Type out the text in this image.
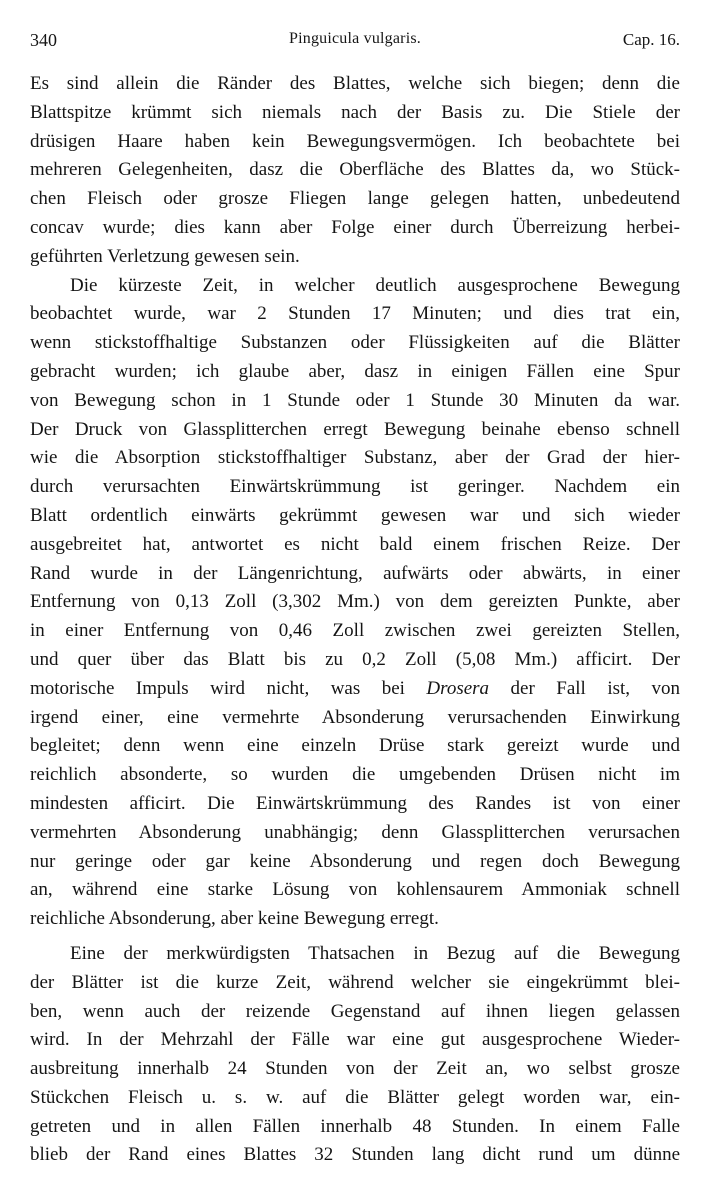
340	Pinguicula vulgaris.	Cap. 16.
Es sind allein die Ränder des Blattes, welche sich biegen; denn die
Blattspitze krümmt sich niemals nach der Basis zu. Die Stiele der
drüsigen Haare haben kein Bewegungsvermögen. Ich beobachtete bei
mehreren Gelegenheiten, dasz die Oberfläche des Blattes da, wo Stück-
chen Fleisch oder grosze Fliegen lange gelegen hatten, unbedeutend
concav wurde; dies kann aber Folge einer durch Überreizung herbei-
geführten Verletzung gewesen sein.
Die kürzeste Zeit, in welcher deutlich ausgesprochene Bewegung
beobachtet wurde, war 2 Stunden 17 Minuten; und dies trat ein,
wenn stickstoffhaltige Substanzen oder Flüssigkeiten auf die Blätter
gebracht wurden; ich glaube aber, dasz in einigen Fällen eine Spur
von Bewegung schon in 1 Stunde oder 1 Stunde 30 Minuten da war.
Der Druck von Glassplitterchen erregt Bewegung beinahe ebenso schnell
wie die Absorption stickstoffhaltiger Substanz, aber der Grad der hier-
durch verursachten Einwärtskrümmung ist geringer. Nachdem ein
Blatt ordentlich einwärts gekrümmt gewesen war und sich wieder
ausgebreitet hat, antwortet es nicht bald einem frischen Reize. Der
Rand wurde in der Längenrichtung, aufwärts oder abwärts, in einer
Entfernung von 0,13 Zoll (3,302 Mm.) von dem gereizten Punkte, aber
in einer Entfernung von 0,46 Zoll zwischen zwei gereizten Stellen,
und quer über das Blatt bis zu 0,2 Zoll (5,08 Mm.) afficirt. Der
motorische Impuls wird nicht, was bei Drosera der Fall ist, von
irgend einer, eine vermehrte Absonderung verursachenden Einwirkung
begleitet; denn wenn eine einzeln Drüse stark gereizt wurde und
reichlich absonderte, so wurden die umgebenden Drüsen nicht im
mindesten afficirt. Die Einwärtskrümmung des Randes ist von einer
vermehrten Absonderung unabhängig; denn Glassplitterchen verursachen
nur geringe oder gar keine Absonderung und regen doch Bewegung
an, während eine starke Lösung von kohlensaurem Ammoniak schnell
reichliche Absonderung, aber keine Bewegung erregt.
Eine der merkwürdigsten Thatsachen in Bezug auf die Bewegung
der Blätter ist die kurze Zeit, während welcher sie eingekrümmt blei-
ben, wenn auch der reizende Gegenstand auf ihnen liegen gelassen
wird. In der Mehrzahl der Fälle war eine gut ausgesprochene Wieder-
ausbreitung innerhalb 24 Stunden von der Zeit an, wo selbst grosze
Stückchen Fleisch u. s. w. auf die Blätter gelegt worden war, ein-
getreten und in allen Fällen innerhalb 48 Stunden. In einem Falle
blieb der Rand eines Blattes 32 Stunden lang dicht rund um dünne
